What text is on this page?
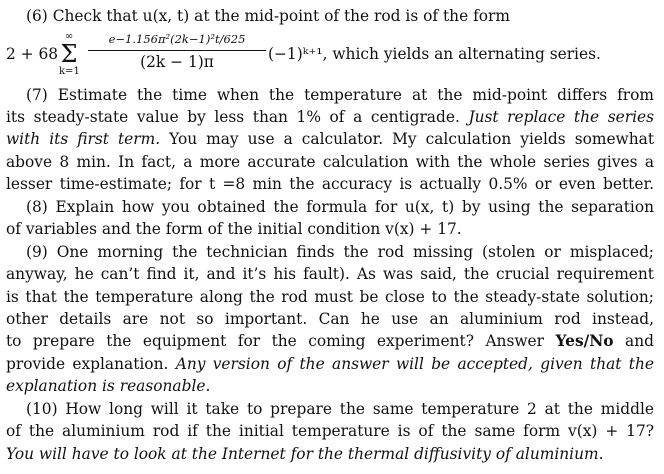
(6) Check that u(x, t) at the mid-point of the rod is of the form
2 + 68
∞
Σ
k=1
e−1.156π²(2k−1)²t/625
(2k − 1)π	(−1)ᵏ⁺¹, which yields an alternating series.
(7) Estimate the time when the temperature at the mid-point differs from
its steady-state value by less than 1% of a centigrade. Just replace the series
with its first term. You may use a calculator. My calculation yields somewhat
above 8 min. In fact, a more accurate calculation with the whole series gives a
lesser time-estimate; for t =8 min the accuracy is actually 0.5% or even better.
(8) Explain how you obtained the formula for u(x, t) by using the separation
of variables and the form of the initial condition v(x) + 17.
(9) One morning the technician finds the rod missing (stolen or misplaced;
anyway, he can’t find it, and it’s his fault). As was said, the crucial requirement
is that the temperature along the rod must be close to the steady-state solution;
other details are not so important. Can he use an aluminium rod instead,
to prepare the equipment for the coming experiment? Answer Yes/No and
provide explanation. Any version of the answer will be accepted, given that the
explanation is reasonable.
(10) How long will it take to prepare the same temperature 2 at the middle
of the aluminium rod if the initial temperature is of the same form v(x) + 17?
You will have to look at the Internet for the thermal diffusivity of aluminium.
